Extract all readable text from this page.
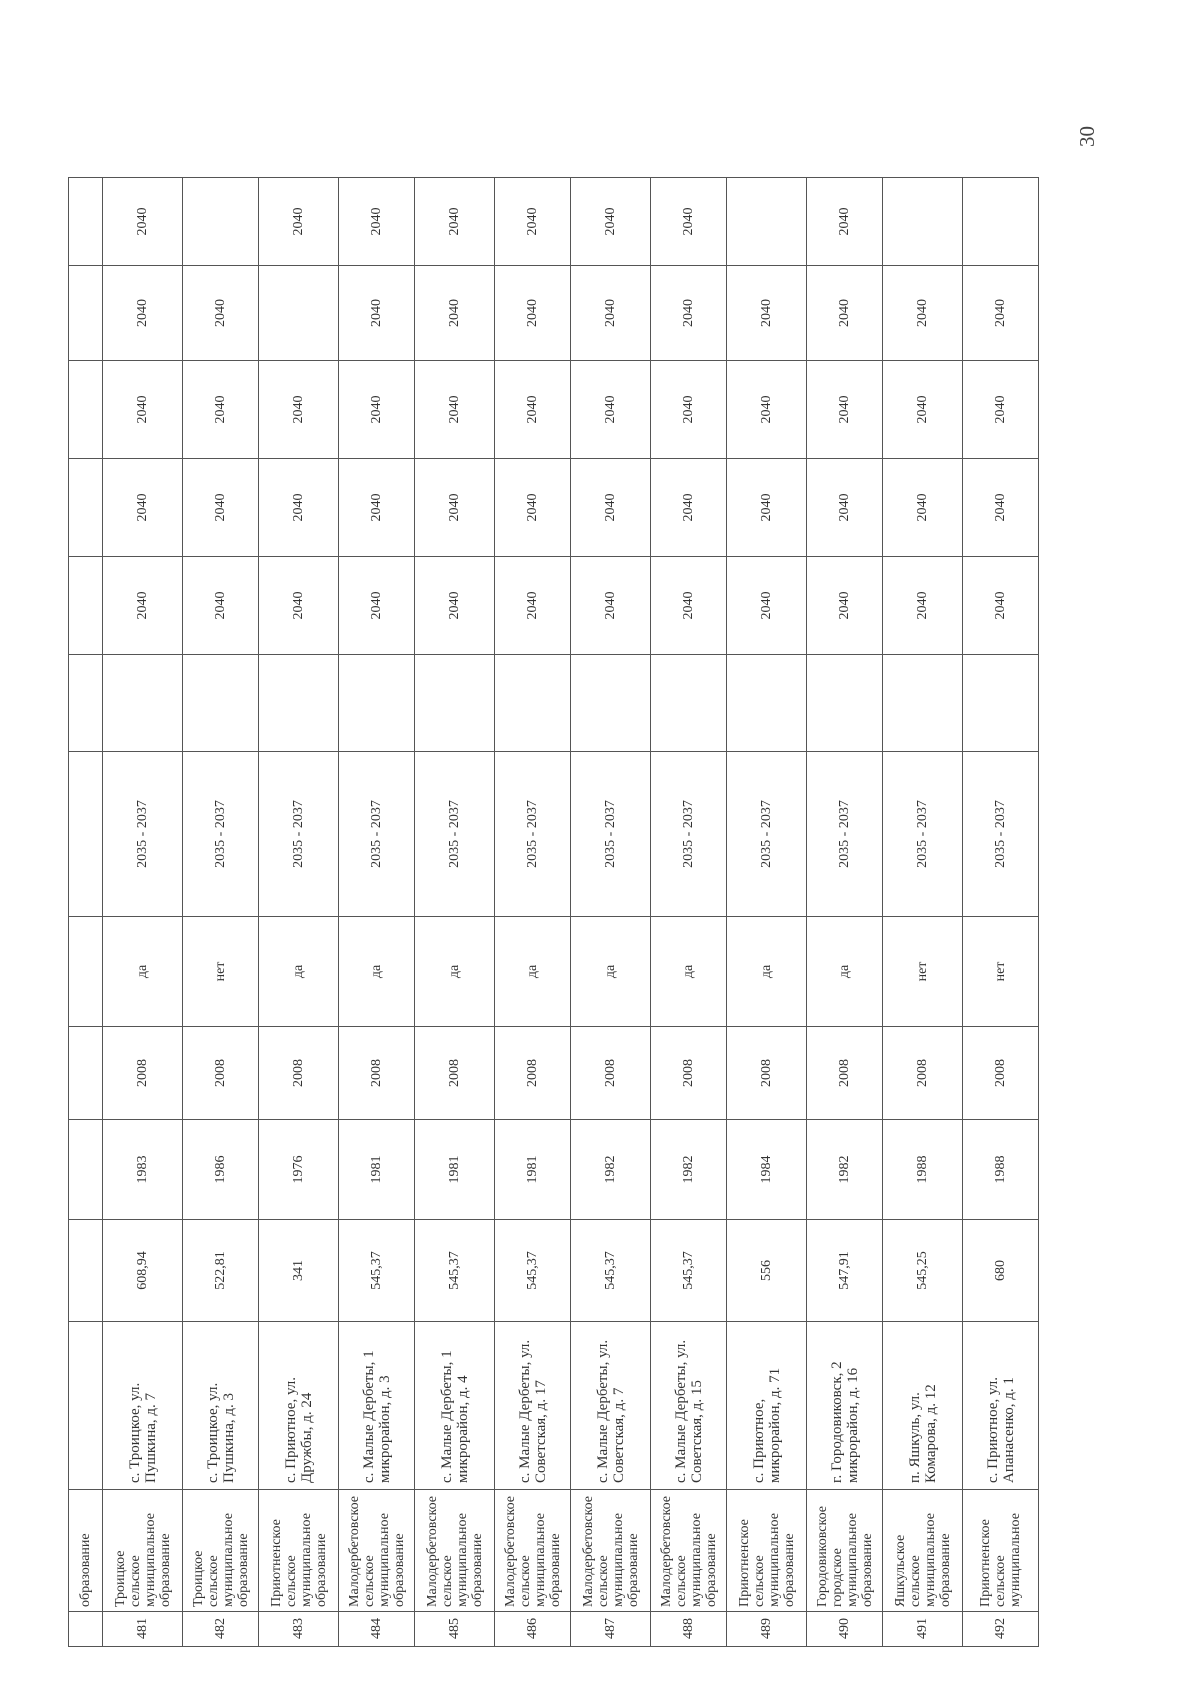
	образование												
481	Троицкое сельское муниципальное образование	с. Троицкое, ул. Пушкина, д. 7	608,94	1983	2008	да	2035 - 2037		2040	2040	2040	2040	2040
482	Троицкое сельское муниципальное образование	с. Троицкое, ул. Пушкина, д. 3	522,81	1986	2008	нет	2035 - 2037		2040	2040	2040	2040	
483	Приютненское сельское муниципальное образование	с. Приютное, ул. Дружбы, д. 24	341	1976	2008	да	2035 - 2037		2040	2040	2040		2040
484	Малодербетовское сельское муниципальное образование	с. Малые Дербеты, 1 микрорайон, д. 3	545,37	1981	2008	да	2035 - 2037		2040	2040	2040	2040	2040
485	Малодербетовское сельское муниципальное образование	с. Малые Дербеты, 1 микрорайон, д. 4	545,37	1981	2008	да	2035 - 2037		2040	2040	2040	2040	2040
486	Малодербетовское сельское муниципальное образование	с. Малые Дербеты, ул. Советская, д. 17	545,37	1981	2008	да	2035 - 2037		2040	2040	2040	2040	2040
487	Малодербетовское сельское муниципальное образование	с. Малые Дербеты, ул. Советская, д. 7	545,37	1982	2008	да	2035 - 2037		2040	2040	2040	2040	2040
488	Малодербетовское сельское муниципальное образование	с. Малые Дербеты, ул. Советская, д. 15	545,37	1982	2008	да	2035 - 2037		2040	2040	2040	2040	2040
489	Приютненское сельское муниципальное образование	с. Приютное, микрорайон, д. 71	556	1984	2008	да	2035 - 2037		2040	2040	2040	2040	
490	Городовиковское городское муниципальное образование	г. Городовиковск, 2 микрорайон, д. 16	547,91	1982	2008	да	2035 - 2037		2040	2040	2040	2040	2040
491	Яшкульское сельское муниципальное образование	п. Яшкуль, ул. Комарова, д. 12	545,25	1988	2008	нет	2035 - 2037		2040	2040	2040	2040	
492	Приютненское сельское муниципальное	с. Приютное, ул. Апанасенко, д. 1	680	1988	2008	нет	2035 - 2037		2040	2040	2040	2040	
30
